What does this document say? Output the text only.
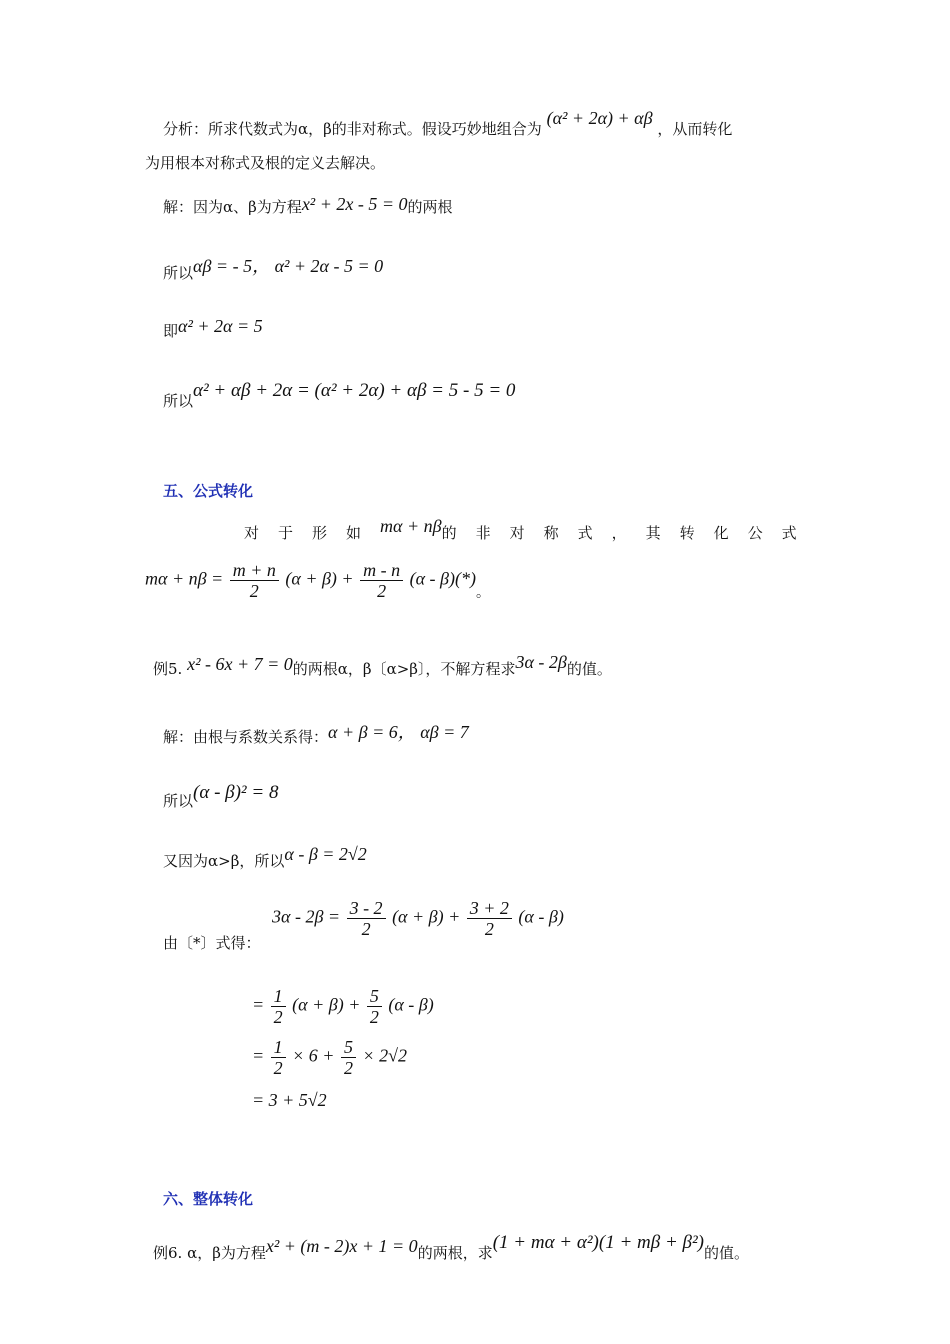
分析：所求代数式为α，β的非对称式。假设巧妙地组合为 (α² + 2α) + αβ ，从而转化
为用根本对称式及根的定义去解决。
解：因为α、β为方程x² + 2x - 5 = 0的两根
所以αβ = - 5， α² + 2α - 5 = 0
即α² + 2α = 5
所以α² + αβ + 2α = (α² + 2α) + αβ = 5 - 5 = 0
五、公式转化
对于形如mα + nβ的非对称式，其转化公式
$m\alpha + n\beta = \frac{m + n}{2} (\alpha + \beta) + \frac{m - n}{2} (\alpha - \beta)(*)_。$
例5. x² - 6x + 7 = 0的两根α，β〔α>β〕，不解方程求3α - 2β的值。
解：由根与系数关系得：α + β = 6， αβ = 7
所以(α - β)² = 8
又因为α>β，所以α - β = 2√2
由〔*〕式得：
$3\alpha - 2\beta = \frac{3 - 2}{2} (\alpha + \beta) + \frac{3 + 2}{2} (\alpha - \beta)$
= $\frac{1}{2} (\alpha + \beta) + \frac{5}{2} (\alpha - \beta)$
= $\frac{1}{2} \times 6 + \frac{5}{2} \times 2√2$
= 3 + 5√2
六、整体转化
例6. α，β为方程x² + (m - 2)x + 1 = 0的两根，求(1 + mα + α²)(1 + mβ + β²)的值。
